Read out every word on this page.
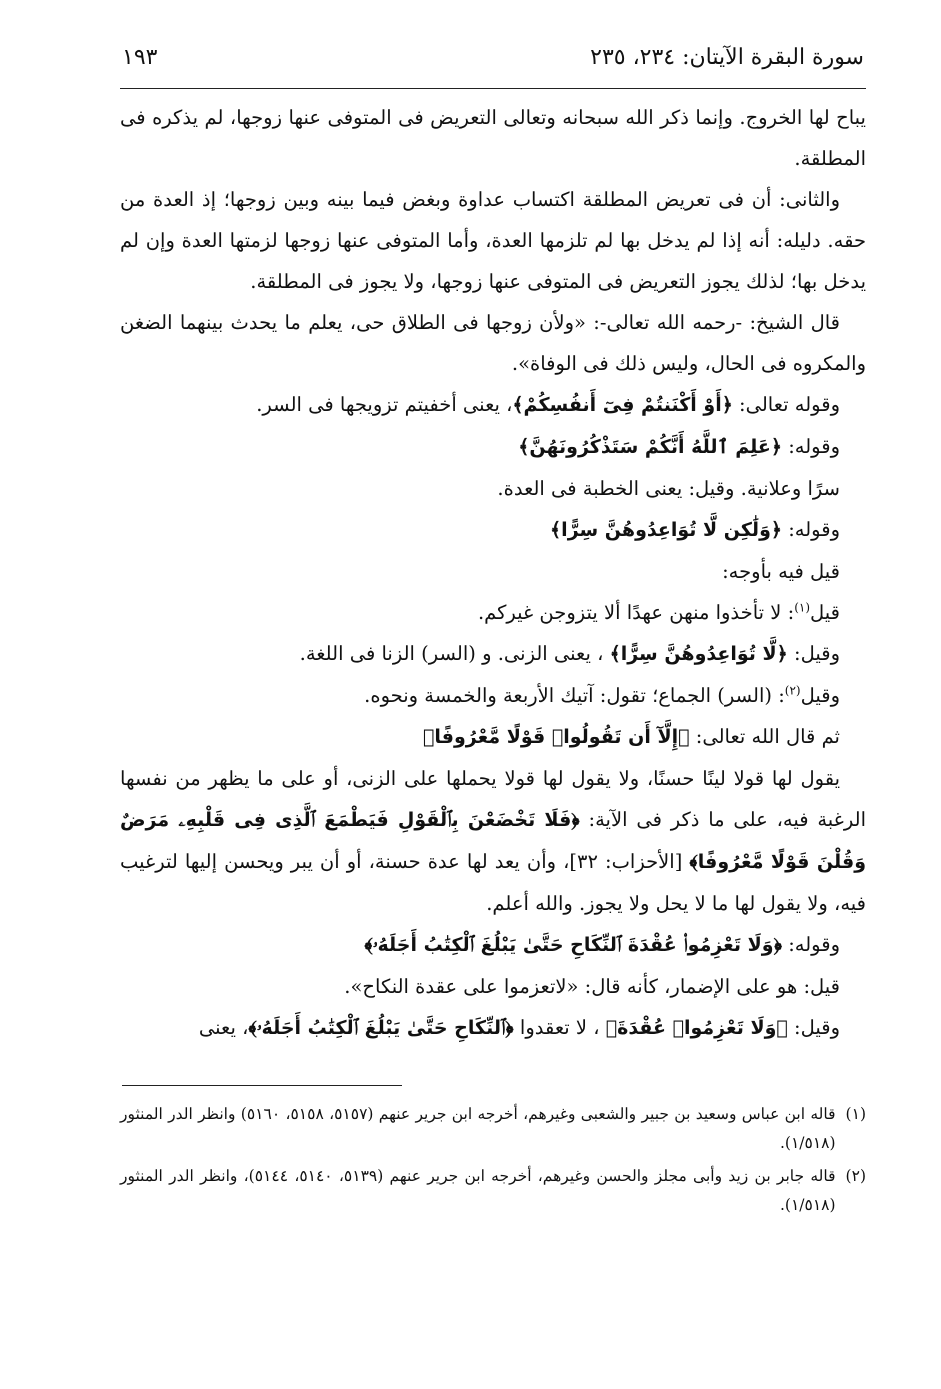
سورة البقرة الآيتان: ٢٣٤، ٢٣٥
١٩٣

يباح لها الخروج. وإنما ذكر الله سبحانه وتعالى التعريض فى المتوفى عنها زوجها، لم يذكره فى المطلقة.

والثانى: أن فى تعريض المطلقة اكتساب عداوة وبغض فيما بينه وبين زوجها؛ إذ العدة من حقه. دليله: أنه إذا لم يدخل بها لم تلزمها العدة، وأما المتوفى عنها زوجها لزمتها العدة وإن لم يدخل بها؛ لذلك يجوز التعريض فى المتوفى عنها زوجها، ولا يجوز فى المطلقة.

قال الشيخ: -رحمه الله تعالى-: «ولأن زوجها فى الطلاق حى، يعلم ما يحدث بينهما الضغن والمكروه فى الحال، وليس ذلك فى الوفاة».

وقوله تعالى: ﴿أَوْ أَكْنَنتُمْ فِىٓ أَنفُسِكُمْ﴾، يعنى أخفيتم تزويجها فى السر.

وقوله: ﴿عَلِمَ ٱللَّهُ أَنَّكُمْ سَتَذْكُرُونَهُنَّ﴾

سرًا وعلانية. وقيل: يعنى الخطبة فى العدة.

وقوله: ﴿وَلَٰكِن لَّا تُوَاعِدُوهُنَّ سِرًّا﴾

قيل فيه بأوجه:

قيل$^{(١)}$: لا تأخذوا منهن عهدًا ألا يتزوجن غيركم.

وقيل: ﴿لَّا تُوَاعِدُوهُنَّ سِرًّا﴾ ، يعنى الزنى. و (السر) الزنا فى اللغة.

وقيل$^{(٢)}$: (السر) الجماع؛ تقول: آتيك الأربعة والخمسة ونحوه.

ثم قال الله تعالى: ﴿إِلَّآ أَن تَقُولُوا۟ قَوْلًا مَّعْرُوفًا﴾

يقول لها قولا لينًا حسنًا، ولا يقول لها قولا يحملها على الزنى، أو على ما يظهر من نفسها الرغبة فيه، على ما ذكر فى الآية: ﴿فَلَا تَخْضَعْنَ بِٱلْقَوْلِ فَيَطْمَعَ ٱلَّذِى فِى قَلْبِهِۦ مَرَضٌ وَقُلْنَ قَوْلًا مَّعْرُوفًا﴾ [الأحزاب: ٣٢]، وأن يعد لها عدة حسنة، أو أن يبر ويحسن إليها لترغيب فيه، ولا يقول لها ما لا يحل ولا يجوز. والله أعلم.

وقوله: ﴿وَلَا تَعْزِمُوا۟ عُقْدَةَ ٱلنِّكَاحِ حَتَّىٰ يَبْلُغَ ٱلْكِتَٰبُ أَجَلَهُۥ﴾

قيل: هو على الإضمار، كأنه قال: «لاتعزموا على عقدة النكاح».

وقيل: ﴿وَلَا تَعْزِمُوا۟ عُقْدَةَ﴾ ، لا تعقدوا ﴿ٱلنِّكَاحِ حَتَّىٰ يَبْلُغَ ٱلْكِتَٰبُ أَجَلَهُۥ﴾، يعنى

(١)
قاله ابن عباس وسعيد بن جبير والشعبى وغيرهم، أخرجه ابن جرير عنهم (٥١٥٧، ٥١٥٨، ٥١٦٠) وانظر الدر المنثور (١/٥١٨).
(٢)
قاله جابر بن زيد وأبى مجلز والحسن وغيرهم، أخرجه ابن جرير عنهم (٥١٣٩، ٥١٤٠، ٥١٤٤)، وانظر الدر المنثور (١/٥١٨).
